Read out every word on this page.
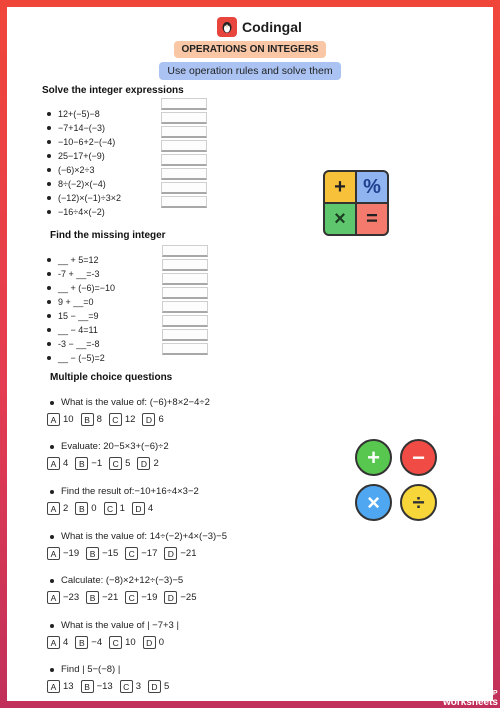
Codingal
OPERATIONS ON INTEGERS
Use operation rules and solve them
Solve the integer expressions
12+(−5)−8
−7+14−(−3)
−10−6+2−(−4)
25−17+(−9)
(−6)×2÷3
8÷(−2)×(−4)
(−12)×(−1)÷3×2
−16÷4×(−2)
Find the missing integer
__ + 5=12
-7 + __=-3
__ + (−6)=−10
9 + __=0
15 − __=9
__ − 4=11
-3 − __=-8
__ − (−5)=2
Multiple choice questions
What is the value of: (−6)+8×2−4÷2
A 10	B 8	C 12	D 6
Evaluate: 20−5×3+(−6)÷2
A 4	B −1	C 5	D 2
Find the result of:−10+16÷4×3−2
A 2	B 0	C 1	D 4
What is the value of: 14÷(−2)+4×(−3)−5
A −19	B −15	C −17	D −21
Calculate: (−8)×2+12÷(−3)−5
A −23	B −21	C −19	D −25
What is the value of | −7+3 |
A 4	B −4	C 10	D 0
Find | 5−(−8) |
A 13	B −13	C 3	D 5
+ %
×	=
+	−
×	÷
TOP
worksheets
